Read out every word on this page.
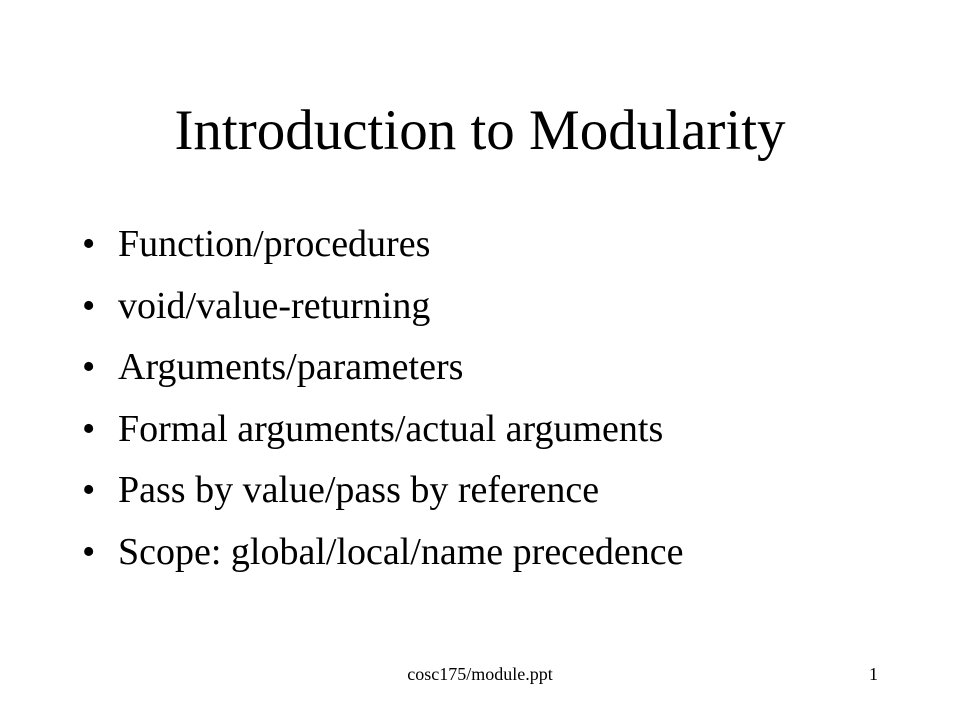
Introduction to Modularity
• Function/procedures
• void/value-returning
• Arguments/parameters
• Formal arguments/actual arguments
• Pass by value/pass by reference
• Scope: global/local/name precedence
cosc175/module.ppt	1
